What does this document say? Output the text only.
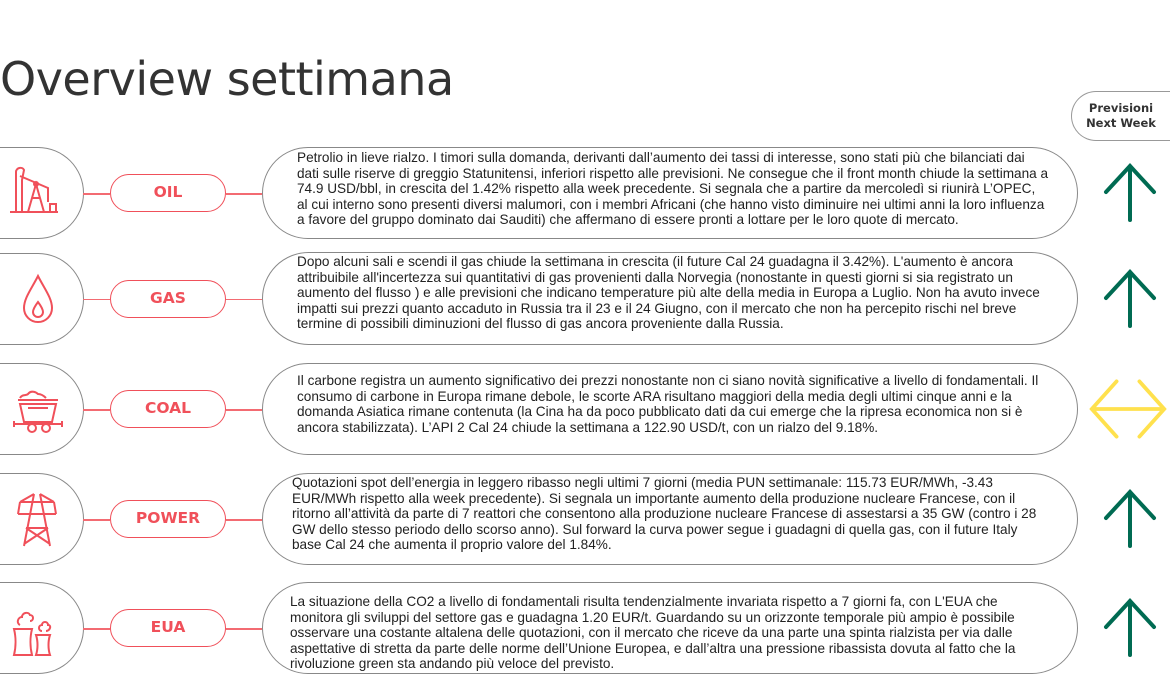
Overview settimana
Previsioni
Next Week
OIL

Petrolio in lieve rialzo. I timori sulla domanda, derivanti dall’aumento dei tassi di interesse, sono stati più che bilanciati dai dati sulle riserve di greggio Statunitensi, inferiori rispetto alle previsioni. Ne consegue che il front month chiude la settimana a 74.9 USD/bbl, in crescita del 1.42% rispetto alla week precedente. Si segnala che a partire da mercoledì si riunirà L’OPEC, al cui interno sono presenti diversi malumori, con i membri Africani (che hanno visto diminuire nei ultimi anni la loro influenza a favore del gruppo dominato dai Sauditi) che affermano di essere pronti a lottare per le loro quote di mercato.

GAS

Dopo alcuni sali e scendi il gas chiude la settimana in crescita (il future Cal 24 guadagna il 3.42%). L'aumento è ancora attribuibile all'incertezza sui quantitativi di gas provenienti dalla Norvegia (nonostante in questi giorni si sia registrato un aumento del flusso ) e alle previsioni che indicano temperature più alte della media in Europa a Luglio. Non ha avuto invece impatti sui prezzi quanto accaduto in Russia tra il 23 e il 24 Giugno, con il mercato che non ha percepito rischi nel breve termine di possibili diminuzioni del flusso di gas ancora proveniente dalla Russia.

COAL

Il carbone registra un aumento significativo dei prezzi nonostante non ci siano novità significative a livello di fondamentali. Il consumo di carbone in Europa rimane debole, le scorte ARA risultano maggiori della media degli ultimi cinque anni e la domanda Asiatica rimane contenuta (la Cina ha da poco pubblicato dati da cui emerge che la ripresa economica non si è ancora stabilizzata). L’API 2 Cal 24 chiude la settimana a 122.90 USD/t, con un rialzo del 9.18%.

POWER

Quotazioni spot dell’energia in leggero ribasso negli ultimi 7 giorni (media PUN settimanale: 115.73 EUR/MWh, -3.43 EUR/MWh rispetto alla week precedente). Si segnala un importante aumento della produzione nucleare Francese, con il ritorno all’attività da parte di 7 reattori che consentono alla produzione nucleare Francese di assestarsi a 35 GW (contro i 28 GW dello stesso periodo dello scorso anno). Sul forward la curva power segue i guadagni di quella gas, con il future Italy base Cal 24 che aumenta il proprio valore del 1.84%.

EUA

La situazione della CO2 a livello di fondamentali risulta tendenzialmente invariata rispetto a 7 giorni fa, con L'EUA che monitora gli sviluppi del settore gas e guadagna 1.20 EUR/t. Guardando su un orizzonte temporale più ampio è possibile osservare una costante altalena delle quotazioni, con il mercato che riceve da una parte una spinta rialzista per via dalle aspettative di stretta da parte delle norme dell’Unione Europea, e dall’altra una pressione ribassista dovuta al fatto che la rivoluzione green sta andando più veloce del previsto.
